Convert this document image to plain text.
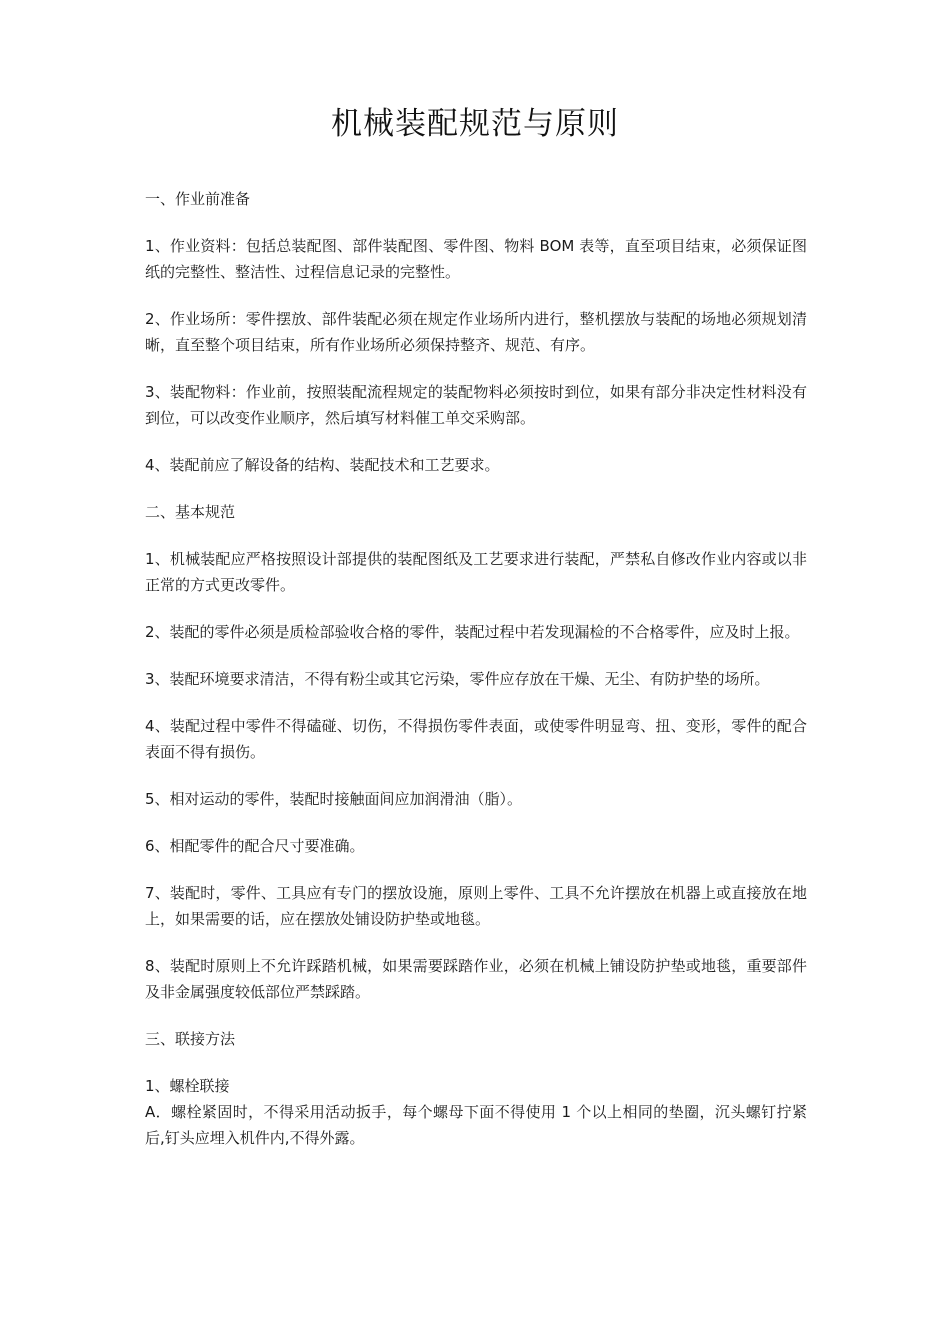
机械装配规范与原则

一、作业前准备

1、作业资料：包括总装配图、部件装配图、零件图、物料 BOM 表等，直至项目结束，必须保证图纸的完整性、整洁性、过程信息记录的完整性。

2、作业场所：零件摆放、部件装配必须在规定作业场所内进行，整机摆放与装配的场地必须规划清晰，直至整个项目结束，所有作业场所必须保持整齐、规范、有序。

3、装配物料：作业前，按照装配流程规定的装配物料必须按时到位，如果有部分非决定性材料没有到位，可以改变作业顺序，然后填写材料催工单交采购部。

4、装配前应了解设备的结构、装配技术和工艺要求。

二、基本规范

1、机械装配应严格按照设计部提供的装配图纸及工艺要求进行装配，严禁私自修改作业内容或以非正常的方式更改零件。

2、装配的零件必须是质检部验收合格的零件，装配过程中若发现漏检的不合格零件，应及时上报。

3、装配环境要求清洁，不得有粉尘或其它污染，零件应存放在干燥、无尘、有防护垫的场所。

4、装配过程中零件不得磕碰、切伤，不得损伤零件表面，或使零件明显弯、扭、变形，零件的配合表面不得有损伤。

5、相对运动的零件，装配时接触面间应加润滑油（脂）。

6、相配零件的配合尺寸要准确。

7、装配时，零件、工具应有专门的摆放设施，原则上零件、工具不允许摆放在机器上或直接放在地上，如果需要的话，应在摆放处铺设防护垫或地毯。

8、装配时原则上不允许踩踏机械，如果需要踩踏作业，必须在机械上铺设防护垫或地毯，重要部件及非金属强度较低部位严禁踩踏。

三、联接方法

1、螺栓联接

A．螺栓紧固时，不得采用活动扳手，每个螺母下面不得使用 1 个以上相同的垫圈，沉头螺钉拧紧后,钉头应埋入机件内,不得外露。
